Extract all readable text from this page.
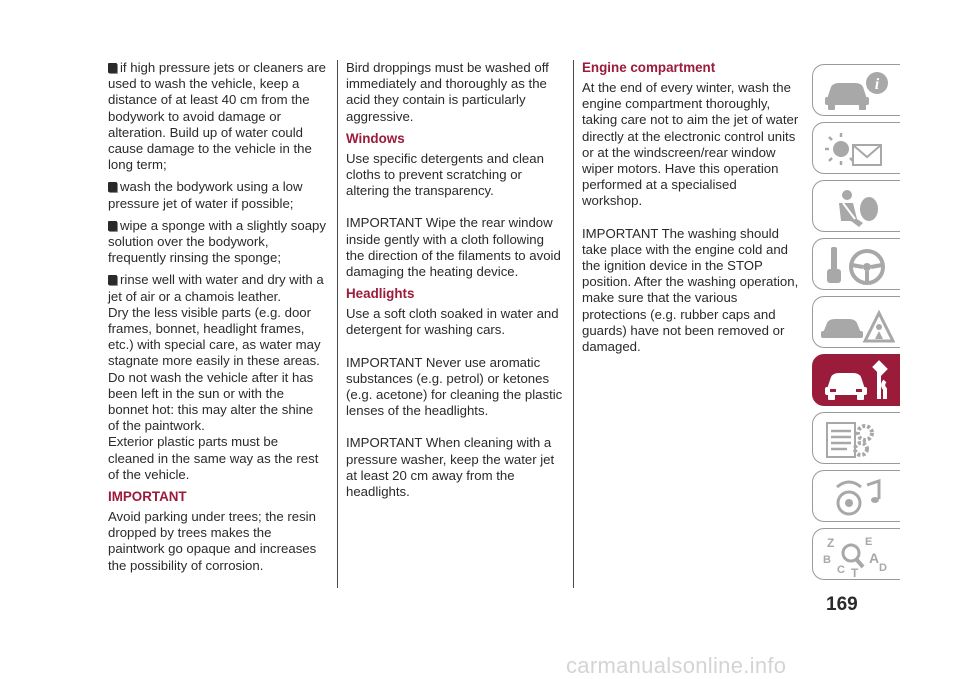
if high pressure jets or cleaners are used to wash the vehicle, keep a distance of at least 40 cm from the bodywork to avoid damage or alteration. Build up of water could cause damage to the vehicle in the long term;

wash the bodywork using a low pressure jet of water if possible;

wipe a sponge with a slightly soapy solution over the bodywork, frequently rinsing the sponge;

rinse well with water and dry with a jet of air or a chamois leather.

Dry the less visible parts (e.g. door frames, bonnet, headlight frames, etc.) with special care, as water may stagnate more easily in these areas. Do not wash the vehicle after it has been left in the sun or with the bonnet hot: this may alter the shine of the paintwork.

Exterior plastic parts must be cleaned in the same way as the rest of the vehicle.

IMPORTANT

Avoid parking under trees; the resin dropped by trees makes the paintwork go opaque and increases the possibility of corrosion.

Bird droppings must be washed off immediately and thoroughly as the acid they contain is particularly aggressive.

Windows

Use specific detergents and clean cloths to prevent scratching or altering the transparency.

IMPORTANT Wipe the rear window inside gently with a cloth following the direction of the filaments to avoid damaging the heating device.

Headlights

Use a soft cloth soaked in water and detergent for washing cars.

IMPORTANT Never use aromatic substances (e.g. petrol) or ketones (e.g. acetone) for cleaning the plastic lenses of the headlights.

IMPORTANT When cleaning with a pressure washer, keep the water jet at least 20 cm away from the headlights.

Engine compartment

At the end of every winter, wash the engine compartment thoroughly, taking care not to aim the jet of water directly at the electronic control units or at the windscreen/rear window wiper motors. Have this operation performed at a specialised workshop.

IMPORTANT The washing should take place with the engine cold and the ignition device in the STOP position. After the washing operation, make sure that the various protections (e.g. rubber caps and guards) have not been removed or damaged.

i
Z	E
B	A
C	D
T
169
carmanualsonline.info
